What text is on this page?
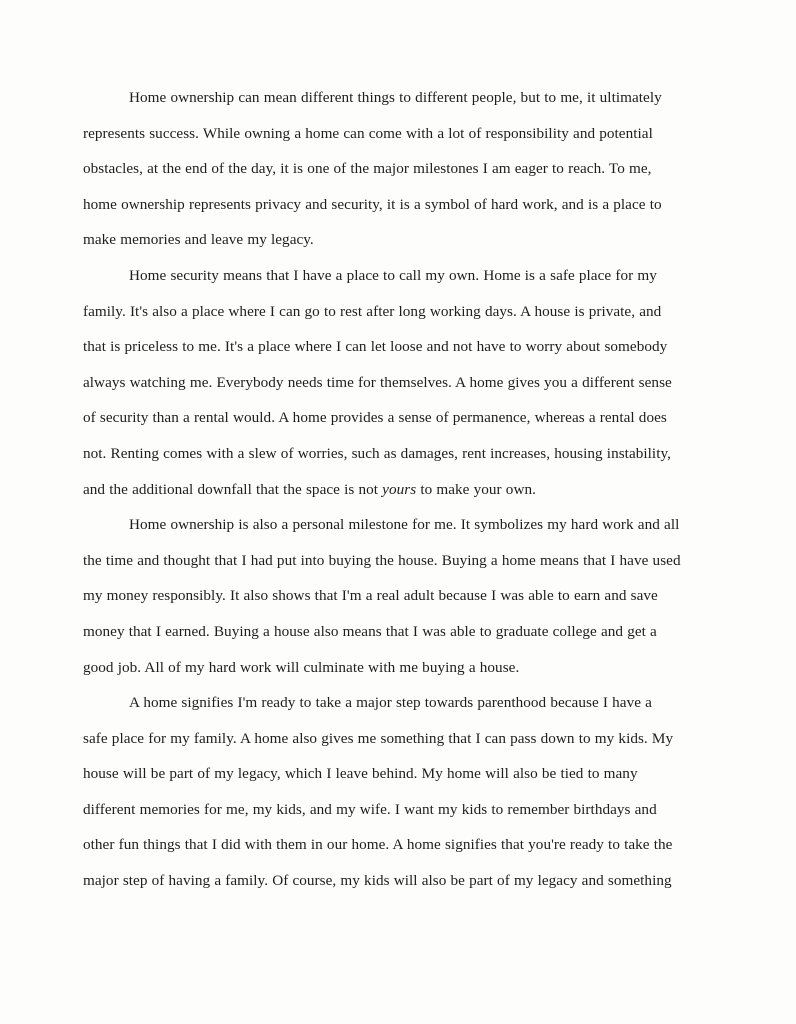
Home ownership can mean different things to different people, but to me, it ultimately
represents success. While owning a home can come with a lot of responsibility and potential
obstacles, at the end of the day, it is one of the major milestones I am eager to reach. To me,
home ownership represents privacy and security, it is a symbol of hard work, and is a place to
make memories and leave my legacy.
Home security means that I have a place to call my own. Home is a safe place for my
family. It's also a place where I can go to rest after long working days. A house is private, and
that is priceless to me. It's a place where I can let loose and not have to worry about somebody
always watching me. Everybody needs time for themselves. A home gives you a different sense
of security than a rental would. A home provides a sense of permanence, whereas a rental does
not. Renting comes with a slew of worries, such as damages, rent increases, housing instability,
and the additional downfall that the space is not yours to make your own.
Home ownership is also a personal milestone for me. It symbolizes my hard work and all
the time and thought that I had put into buying the house. Buying a home means that I have used
my money responsibly. It also shows that I'm a real adult because I was able to earn and save
money that I earned. Buying a house also means that I was able to graduate college and get a
good job. All of my hard work will culminate with me buying a house.
A home signifies I'm ready to take a major step towards parenthood because I have a
safe place for my family. A home also gives me something that I can pass down to my kids. My
house will be part of my legacy, which I leave behind. My home will also be tied to many
different memories for me, my kids, and my wife. I want my kids to remember birthdays and
other fun things that I did with them in our home. A home signifies that you're ready to take the
major step of having a family. Of course, my kids will also be part of my legacy and something
